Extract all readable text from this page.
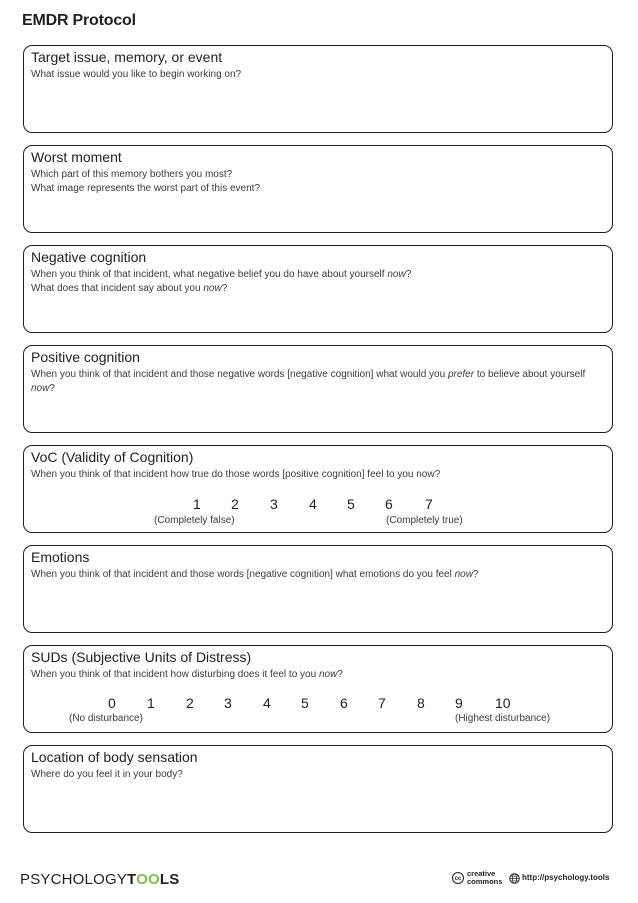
EMDR Protocol
Target issue, memory, or event
What issue would you like to begin working on?
Worst moment
Which part of this memory bothers you most?
What image represents the worst part of this event?
Negative cognition
When you think of that incident, what negative belief you do have about yourself now?
What does that incident say about you now?
Positive cognition
When you think of that incident and those negative words [negative cognition] what would you prefer to believe about yourself now?
VoC (Validity of Cognition)
When you think of that incident how true do those words [positive cognition] feel to you now?
1 2 3 4 5 6 7
(Completely false)	(Completely true)
Emotions
When you think of that incident and those words [negative cognition] what emotions do you feel now?
SUDs (Subjective Units of Distress)
When you think of that incident how disturbing does it feel to you now?
0 1 2 3 4 5 6 7 8 9 10
(No disturbance)	(Highest disturbance)
Location of body sensation
Where do you feel it in your body?
PSYCHOLOGYTOOLS	cc
creative
commons http://psychology.tools
